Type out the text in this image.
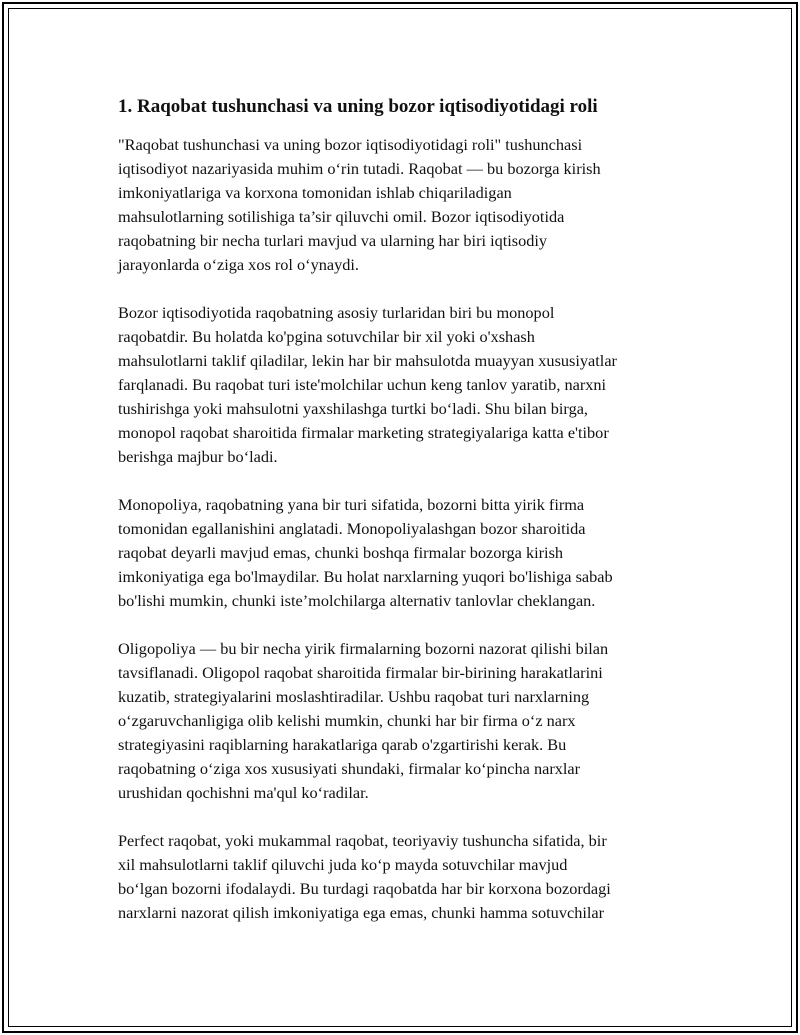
1. Raqobat tushunchasi va uning bozor iqtisodiyotidagi roli

"Raqobat tushunchasi va uning bozor iqtisodiyotidagi roli" tushunchasi
iqtisodiyot nazariyasida muhim o‘rin tutadi. Raqobat — bu bozorga kirish
imkoniyatlariga va korxona tomonidan ishlab chiqariladigan
mahsulotlarning sotilishiga ta’sir qiluvchi omil. Bozor iqtisodiyotida
raqobatning bir necha turlari mavjud va ularning har biri iqtisodiy
jarayonlarda o‘ziga xos rol o‘ynaydi.

Bozor iqtisodiyotida raqobatning asosiy turlaridan biri bu monopol
raqobatdir. Bu holatda ko'pgina sotuvchilar bir xil yoki o'xshash
mahsulotlarni taklif qiladilar, lekin har bir mahsulotda muayyan xususiyatlar
farqlanadi. Bu raqobat turi iste'molchilar uchun keng tanlov yaratib, narxni
tushirishga yoki mahsulotni yaxshilashga turtki bo‘ladi. Shu bilan birga,
monopol raqobat sharoitida firmalar marketing strategiyalariga katta e'tibor
berishga majbur bo‘ladi.

Monopoliya, raqobatning yana bir turi sifatida, bozorni bitta yirik firma
tomonidan egallanishini anglatadi. Monopoliyalashgan bozor sharoitida
raqobat deyarli mavjud emas, chunki boshqa firmalar bozorga kirish
imkoniyatiga ega bo'lmaydilar. Bu holat narxlarning yuqori bo'lishiga sabab
bo'lishi mumkin, chunki iste’molchilarga alternativ tanlovlar cheklangan.

Oligopoliya — bu bir necha yirik firmalarning bozorni nazorat qilishi bilan
tavsiflanadi. Oligopol raqobat sharoitida firmalar bir-birining harakatlarini
kuzatib, strategiyalarini moslashtiradilar. Ushbu raqobat turi narxlarning
o‘zgaruvchanligiga olib kelishi mumkin, chunki har bir firma o‘z narx
strategiyasini raqiblarning harakatlariga qarab o'zgartirishi kerak. Bu
raqobatning o‘ziga xos xususiyati shundaki, firmalar ko‘pincha narxlar
urushidan qochishni ma'qul ko‘radilar.

Perfect raqobat, yoki mukammal raqobat, teoriyaviy tushuncha sifatida, bir
xil mahsulotlarni taklif qiluvchi juda ko‘p mayda sotuvchilar mavjud
bo‘lgan bozorni ifodalaydi. Bu turdagi raqobatda har bir korxona bozordagi
narxlarni nazorat qilish imkoniyatiga ega emas, chunki hamma sotuvchilar
